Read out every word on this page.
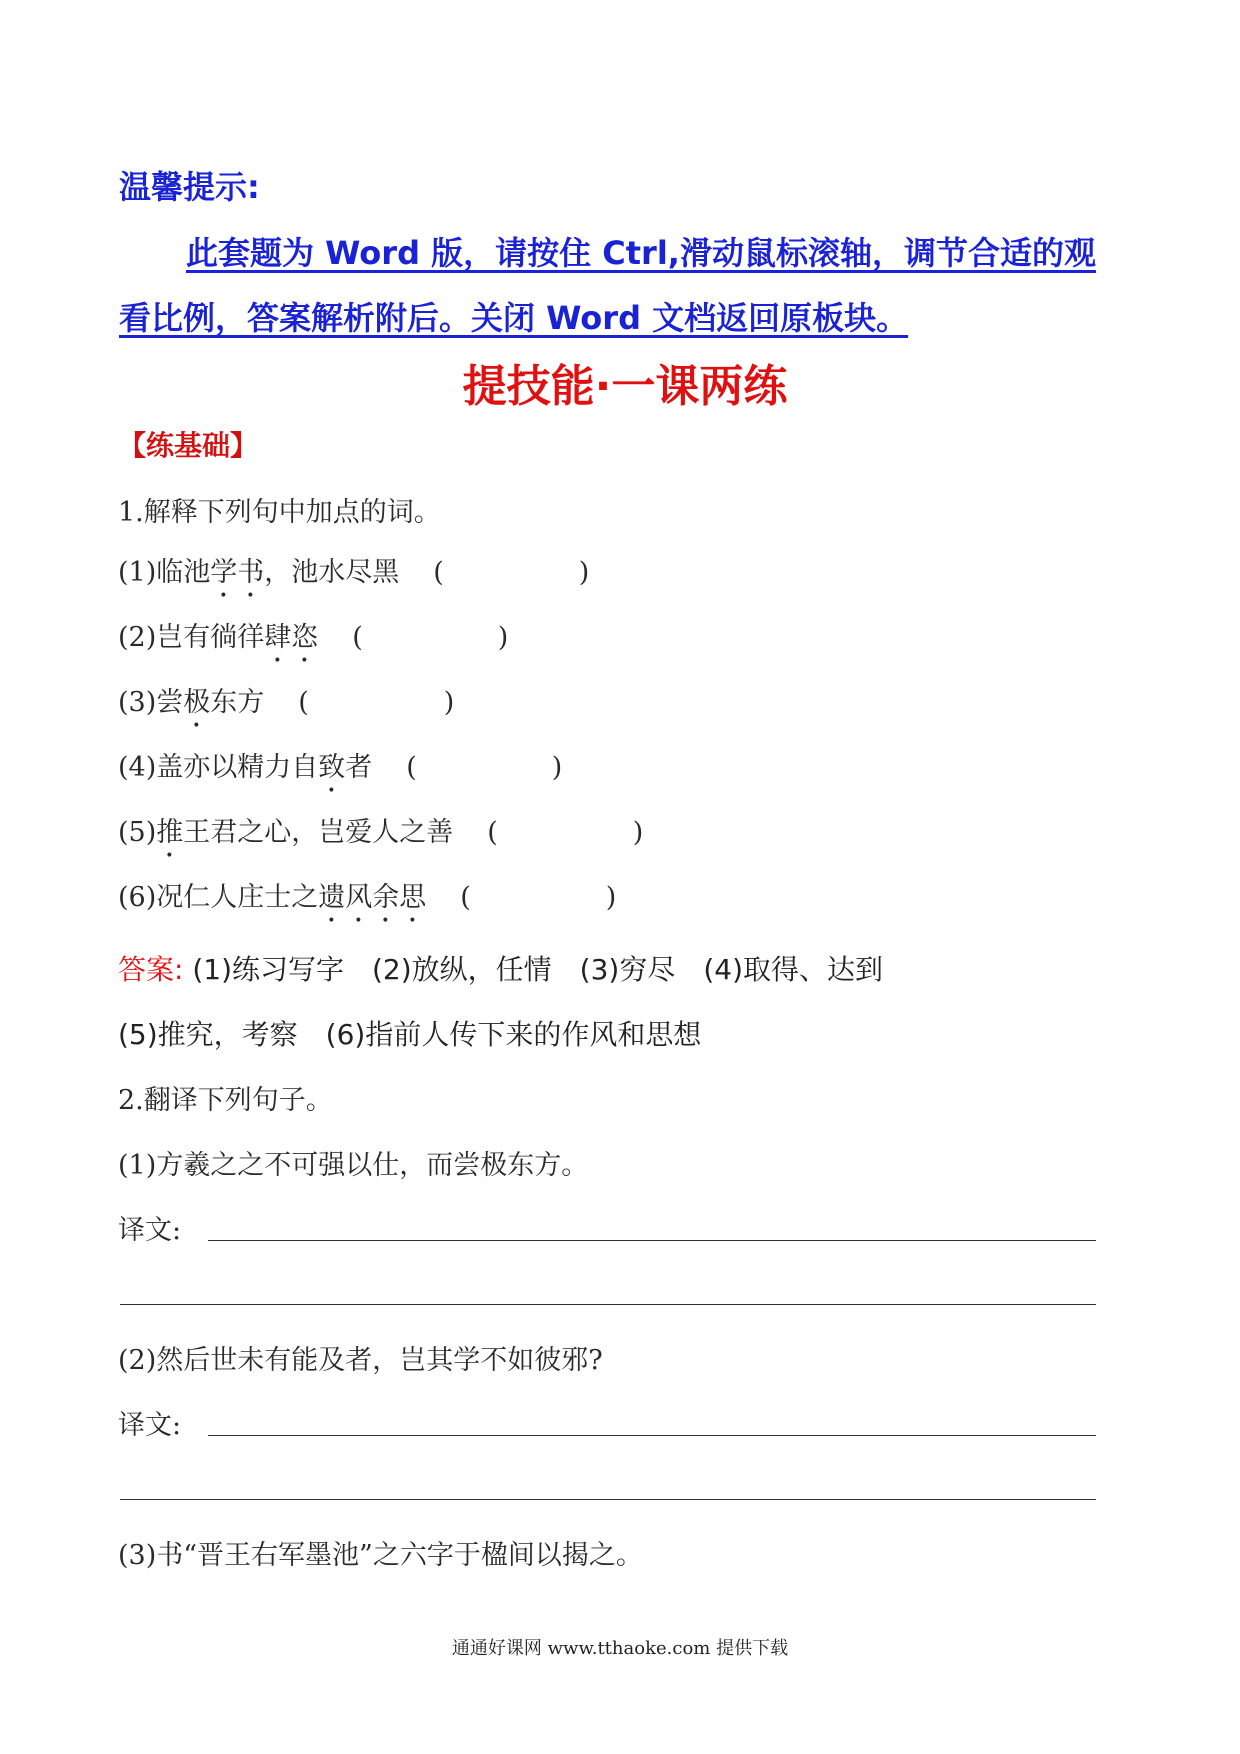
温馨提示:
此套题为 Word 版，请按住 Ctrl,滑动鼠标滚轴，调节合适的观
看比例，答案解析附后。关闭 Word 文档返回原板块。
提技能·一课两练
【练基础】
1.解释下列句中加点的词。
(1)临池学书，池水尽黑 (　　　　　)
(2)岂有徜徉肆恣 (　　　　　)
(3)尝极东方 (　　　　　)
(4)盖亦以精力自致者 (　　　　　)
(5)推王君之心，岂爱人之善 (　　　　　)
(6)况仁人庄士之遗风余思 (　　　　　)
答案: (1)练习写字　(2)放纵，任情　(3)穷尽　(4)取得、达到
(5)推究，考察　(6)指前人传下来的作风和思想
2.翻译下列句子。
(1)方羲之之不可强以仕，而尝极东方。
译文:
(2)然后世未有能及者，岂其学不如彼邪?
译文:
(3)书“晋王右军墨池”之六字于楹间以揭之。
通通好课网 www.tthaoke.com 提供下载
